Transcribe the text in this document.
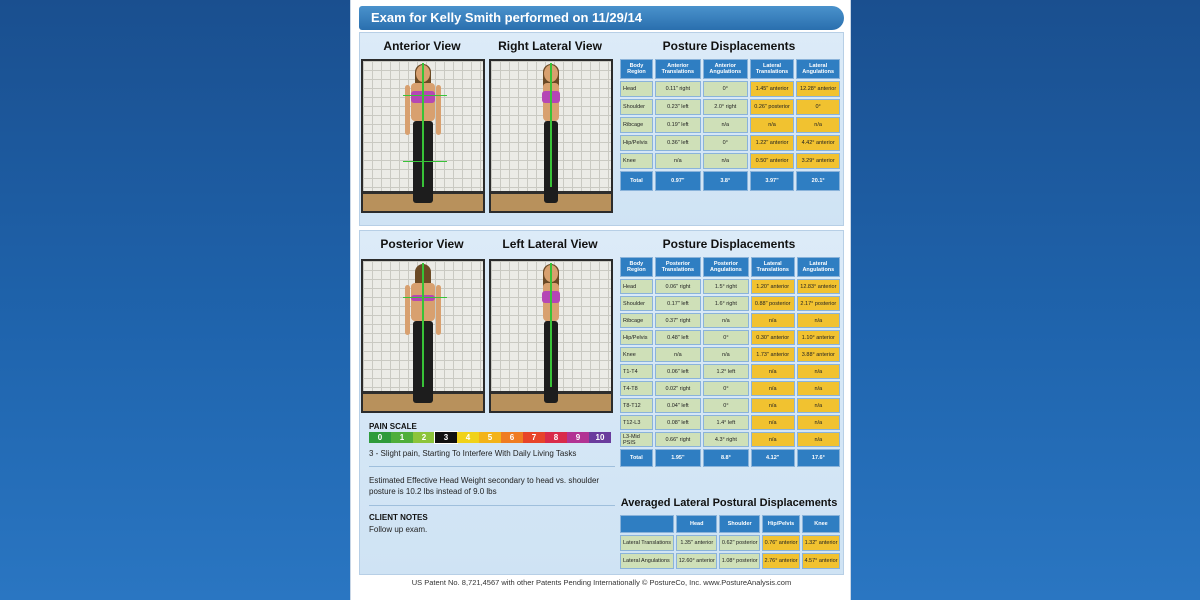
Exam for Kelly Smith performed on 11/29/14
Anterior View	Right Lateral View	Posture Displacements
Body Region	Anterior Translations	Anterior Angulations	Lateral Translations	Lateral Angulations
Head	0.11" right	0°	1.45" anterior	12.28° anterior
Shoulder	0.23" left	2.0° right	0.26" posterior	0°
Ribcage	0.19" left	n/a	n/a	n/a
Hip/Pelvis	0.36" left	0°	1.22" anterior	4.42° anterior
Knee	n/a	n/a	0.50" anterior	3.29° anterior
Total	0.97"	3.8°	3.97"	20.1°
Posterior View	Left Lateral View
PAIN SCALE
0	1	2	3	4	5	6	7	8	9	10
3 - Slight pain, Starting To Interfere With Daily Living Tasks
Estimated Effective Head Weight secondary to head vs. shoulder posture is 10.2 lbs instead of 9.0 lbs
CLIENT NOTES
Follow up exam.
Posture Displacements
Body Region	Posterior Translations	Posterior Angulations	Lateral Translations	Lateral Angulations
Head	0.06" right	1.5° right	1.20" anterior	12.83° anterior
Shoulder	0.17" left	1.6° right	0.88" posterior	2.17° posterior
Ribcage	0.37" right	n/a	n/a	n/a
Hip/Pelvis	0.48" left	0°	0.30" anterior	1.10° anterior
Knee	n/a	n/a	1.73" anterior	3.88° anterior
T1-T4	0.06" left	1.2° left	n/a	n/a
T4-T8	0.02" right	0°	n/a	n/a
T8-T12	0.04" left	0°	n/a	n/a
T12-L3	0.08" left	1.4° left	n/a	n/a
L3-Mid PSIS	0.66" right	4.3° right	n/a	n/a
Total	1.95"	8.8°	4.12"	17.6°
Averaged Lateral Postural Displacements
	Head	Shoulder	Hip/Pelvis	Knee
Lateral Translations	1.35" anterior	0.62" posterior	0.76" anterior	1.32" anterior
Lateral Angulations	12.60° anterior	1.08° posterior	2.76° anterior	4.57° anterior
US Patent No. 8,721,4567 with other Patents Pending Internationally © PostureCo, Inc. www.PostureAnalysis.com
